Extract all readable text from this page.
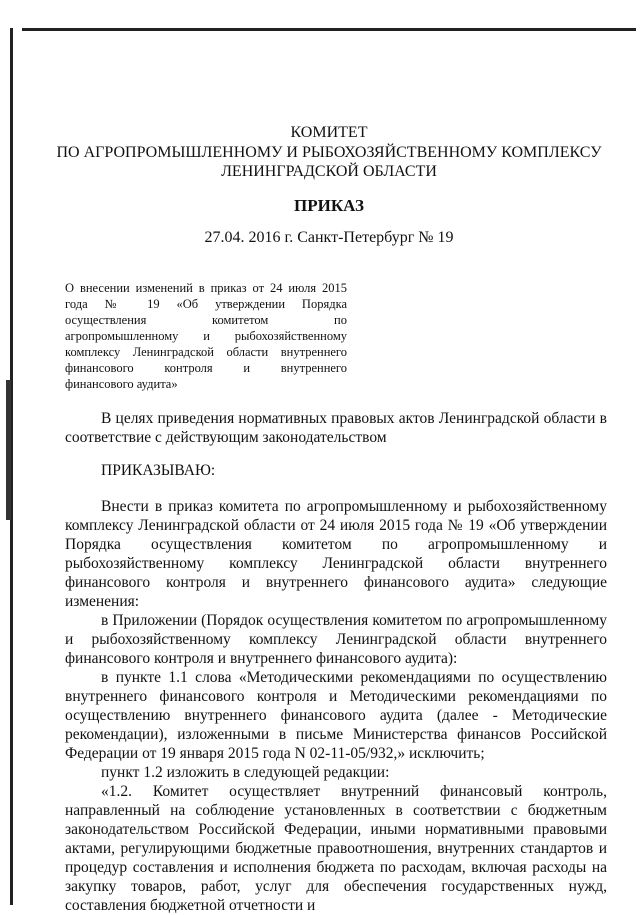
КОМИТЕТ
ПО АГРОПРОМЫШЛЕННОМУ И РЫБОХОЗЯЙСТВЕННОМУ КОМПЛЕКСУ
ЛЕНИНГРАДСКОЙ ОБЛАСТИ
ПРИКАЗ
27.04. 2016 г. Санкт-Петербург № 19
О внесении изменений в приказ от 24 июля 2015
года № 19 «Об утверждении Порядка
осуществления комитетом по
агропромышленному и рыбохозяйственному
комплексу Ленинградской области внутреннего
финансового контроля и внутреннего
финансового аудита»

В целях приведения нормативных правовых актов Ленинградской области в соответствие с действующим законодательством

ПРИКАЗЫВАЮ:

Внести в приказ комитета по агропромышленному и рыбохозяйственному комплексу Ленинградской области от 24 июля 2015 года № 19 «Об утверждении Порядка осуществления комитетом по агропромышленному и рыбохозяйственному комплексу Ленинградской области внутреннего финансового контроля и внутреннего финансового аудита» следующие изменения:

в Приложении (Порядок осуществления комитетом по агропромышленному и рыбохозяйственному комплексу Ленинградской области внутреннего финансового контроля и внутреннего финансового аудита):

в пункте 1.1 слова «Методическими рекомендациями по осуществлению внутреннего финансового контроля и Методическими рекомендациями по осуществлению внутреннего финансового аудита (далее - Методические рекомендации), изложенными в письме Министерства финансов Российской Федерации от 19 января 2015 года N 02-11-05/932,» исключить;

пункт 1.2 изложить в следующей редакции:

«1.2. Комитет осуществляет внутренний финансовый контроль, направленный на соблюдение установленных в соответствии с бюджетным законодательством Российской Федерации, иными нормативными правовыми актами, регулирующими бюджетные правоотношения, внутренних стандартов и процедур составления и исполнения бюджета по расходам, включая расходы на закупку товаров, работ, услуг для обеспечения государственных нужд, составления бюджетной отчетности и
